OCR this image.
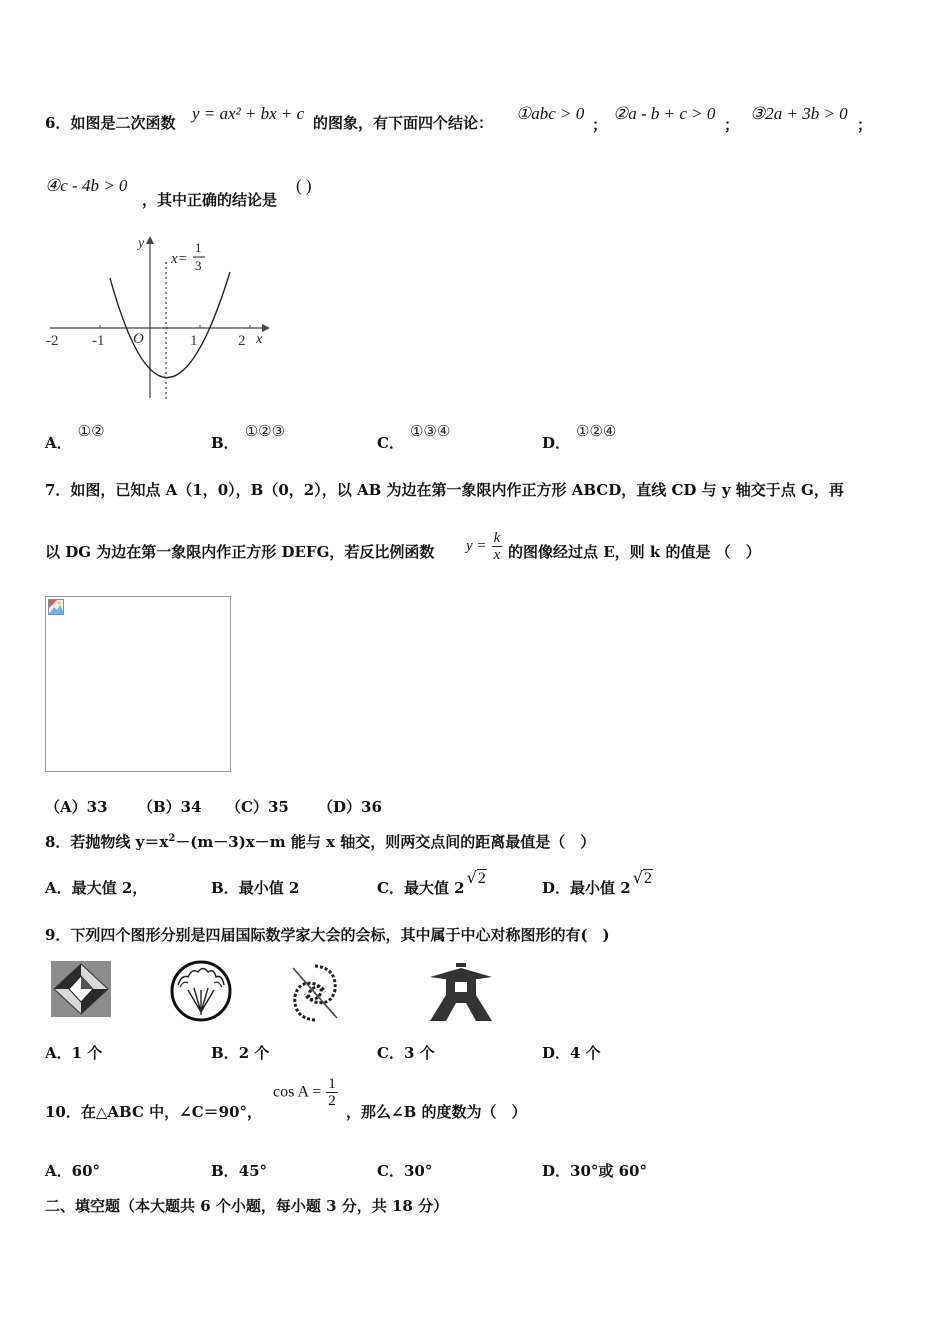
6．如图是二次函数 y = ax² + bx + c 的图象，有下面四个结论： ①abc > 0
；
②a - b + c > 0
；
③2a + 3b > 0
；
④c - 4b > 0
，其中正确的结论是
( )
-2 -1 O	1	2 x
y
x=
1
3
A．①②
B．①②③
C．①③④
D．①②④
7．如图，已知点 A（1，0），B（0，2），以 AB 为边在第一象限内作正方形 ABCD，直线 CD 与 y 轴交于点 G，再
以 DG 为边在第一象限内作正方形 DEFG，若反比例函数 $y = \frac{k}{x}$ 的图像经过点 E，则 k 的值是 （　）
（A）33 （B）34 （C）35 （D）36
8．若抛物线 $y=x^2-(m-3)x-m$ 能与 x 轴交，则两交点间的距离最值是（　）
A．最大值 2，	B．最小值 2	C．最大值 2√2
D．最小值 2√2
9．下列四个图形分别是四届国际数学家大会的会标，其中属于中心对称图形的有(　)
A．1 个	B．2 个	C．3 个	D．4 个
10．在△ABC 中，∠C＝90°，
$\cos A = \frac{1}{2}$
，那么∠B 的度数为（　）
A．60°	B．45°	C．30°	D．30°或 60°
二、填空题（本大题共 6 个小题，每小题 3 分，共 18 分）
